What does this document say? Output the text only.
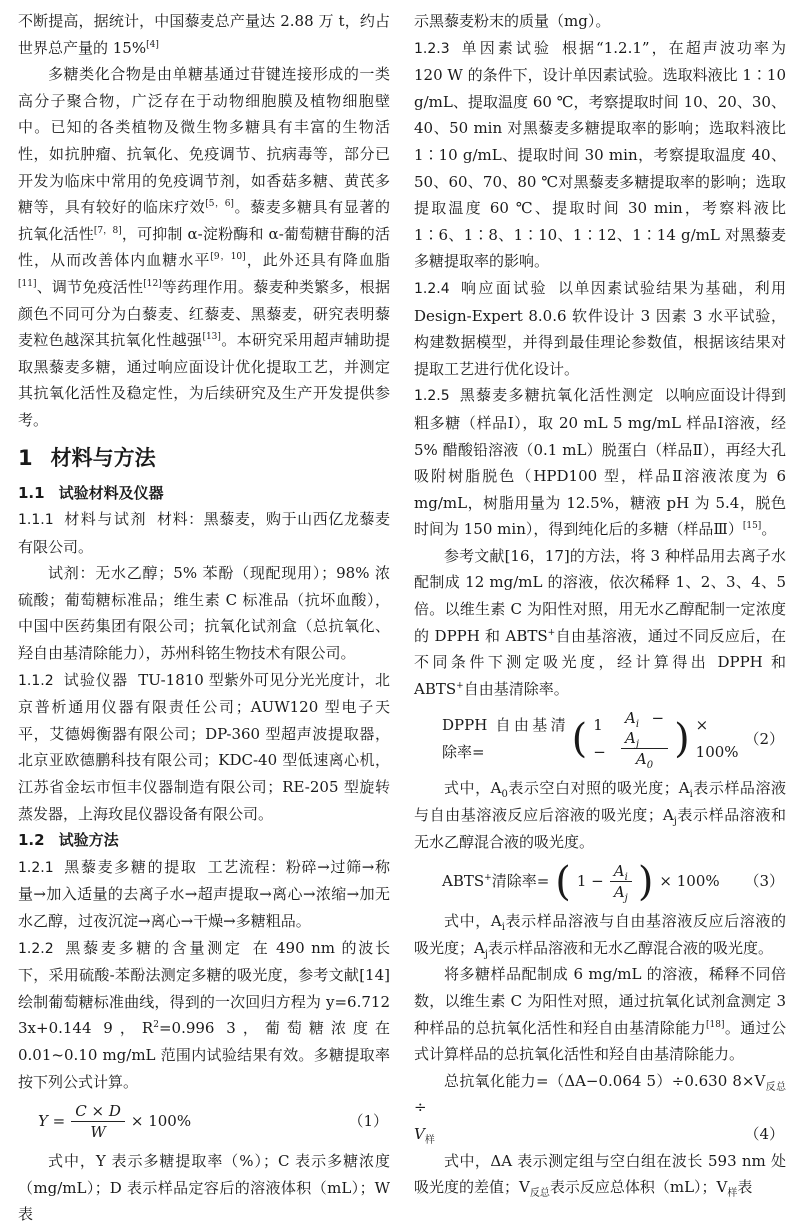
不断提高，据统计，中国藜麦总产量达 2.88 万 t，约占世界总产量的 15%[4]

多糖类化合物是由单糖基通过苷键连接形成的一类高分子聚合物，广泛存在于动物细胞膜及植物细胞壁中。已知的各类植物及微生物多糖具有丰富的生物活性，如抗肿瘤、抗氧化、免疫调节、抗病毒等，部分已开发为临床中常用的免疫调节剂，如香菇多糖、黄芪多糖等，具有较好的临床疗效[5，6]。藜麦多糖具有显著的抗氧化活性[7，8]，可抑制 α-淀粉酶和 α-葡萄糖苷酶的活性，从而改善体内血糖水平[9，10]，此外还具有降血脂[11]、调节免疫活性[12]等药理作用。藜麦种类繁多，根据颜色不同可分为白藜麦、红藜麦、黑藜麦，研究表明藜麦粒色越深其抗氧化性越强[13]。本研究采用超声辅助提取黑藜麦多糖，通过响应面设计优化提取工艺，并测定其抗氧化活性及稳定性，为后续研究及生产开发提供参考。

1 材料与方法
1.1 试验材料及仪器

1.1.1 材料与试剂 材料：黑藜麦，购于山西亿龙藜麦有限公司。

试剂：无水乙醇；5% 苯酚（现配现用）；98% 浓硫酸；葡萄糖标准品；维生素 C 标准品（抗坏血酸），中国中医药集团有限公司；抗氧化试剂盒（总抗氧化、羟自由基清除能力），苏州科铭生物技术有限公司。

1.1.2 试验仪器 TU-1810 型紫外可见分光光度计，北京普析通用仪器有限责任公司；AUW120 型电子天平，艾德姆衡器有限公司；DP-360 型超声波提取器，北京亚欧德鹏科技有限公司；KDC-40 型低速离心机，江苏省金坛市恒丰仪器制造有限公司；RE-205 型旋转蒸发器，上海玫昆仪器设备有限公司。

1.2 试验方法

1.2.1 黑藜麦多糖的提取 工艺流程：粉碎→过筛→称量→加入适量的去离子水→超声提取→离心→浓缩→加无水乙醇，过夜沉淀→离心→干燥→多糖粗品。

1.2.2 黑藜麦多糖的含量测定 在 490 nm 的波长下，采用硫酸-苯酚法测定多糖的吸光度，参考文献[14]绘制葡萄糖标准曲线，得到的一次回归方程为 y=6.712 3x+0.144 9，$R^2=0.996$ 3，葡萄糖浓度在 0.01~0.10 mg/mL 范围内试验结果有效。多糖提取率按下列公式计算。

$Y = \frac{C \times D}{W} \times 100\%$	（1）

式中，Y 表示多糖提取率（%）；C 表示多糖浓度（mg/mL）；D 表示样品定容后的溶液体积（mL）；W 表

示黑藜麦粉末的质量（mg）。

1.2.3 单因素试验 根据“1.2.1”，在超声波功率为 120 W 的条件下，设计单因素试验。选取料液比 1∶10 g/mL、提取温度 60 ℃，考察提取时间 10、20、30、40、50 min 对黑藜麦多糖提取率的影响；选取料液比 1∶10 g/mL、提取时间 30 min，考察提取温度 40、50、60、70、80 ℃对黑藜麦多糖提取率的影响；选取提取温度 60 ℃、提取时间 30 min，考察料液比 1∶6、1∶8、1∶10、1∶12、1∶14 g/mL 对黑藜麦多糖提取率的影响。

1.2.4 响应面试验 以单因素试验结果为基础，利用 Design-Expert 8.0.6 软件设计 3 因素 3 水平试验，构建数据模型，并得到最佳理论参数值，根据该结果对提取工艺进行优化设计。

1.2.5 黑藜麦多糖抗氧化活性测定 以响应面设计得到粗多糖（样品Ⅰ），取 20 mL 5 mg/mL 样品Ⅰ溶液，经 5% 醋酸铅溶液（0.1 mL）脱蛋白（样品Ⅱ），再经大孔吸附树脂脱色（HPD100 型，样品Ⅱ溶液浓度为 6 mg/mL，树脂用量为 12.5%，糖液 pH 为 5.4，脱色时间为 150 min），得到纯化后的多糖（样品Ⅲ）[15]。

参考文献[16，17]的方法，将 3 种样品用去离子水配制成 12 mg/mL 的溶液，依次稀释 1、2、3、4、5 倍。以维生素 C 为阳性对照，用无水乙醇配制一定浓度的 DPPH 和 ABTS+自由基溶液，通过不同反应后，在不同条件下测定吸光度，经计算得出 DPPH 和 ABTS+自由基清除率。

DPPH 自由基清除率=	( 1 −	$\frac{A_i - A_j}{A_0}$ ) × 100%
（2）

式中，$A_0$表示空白对照的吸光度；$A_i$表示样品溶液与自由基溶液反应后溶液的吸光度；$A_j$表示样品溶液和无水乙醇混合液的吸光度。

ABTS+清除率= ( $1 - \frac{A_i}{A_j}$ ) × 100% （3）

式中，$A_i$表示样品溶液与自由基溶液反应后溶液的吸光度；$A_j$表示样品溶液和无水乙醇混合液的吸光度。

将多糖样品配制成 6 mg/mL 的溶液，稀释不同倍数，以维生素 C 为阳性对照，通过抗氧化试剂盒测定 3 种样品的总抗氧化活性和羟自由基清除能力[18]。通过公式计算样品的总抗氧化活性和羟自由基清除能力。

总抗氧化能力=（ΔA−0.064 5）÷0.630 $8\times V_{反总}\div$

$V_样$	（4）

式中，ΔA 表示测定组与空白组在波长 593 nm 处吸光度的差值；$V_{反总}$表示反应总体积（mL）；$V_样$表
